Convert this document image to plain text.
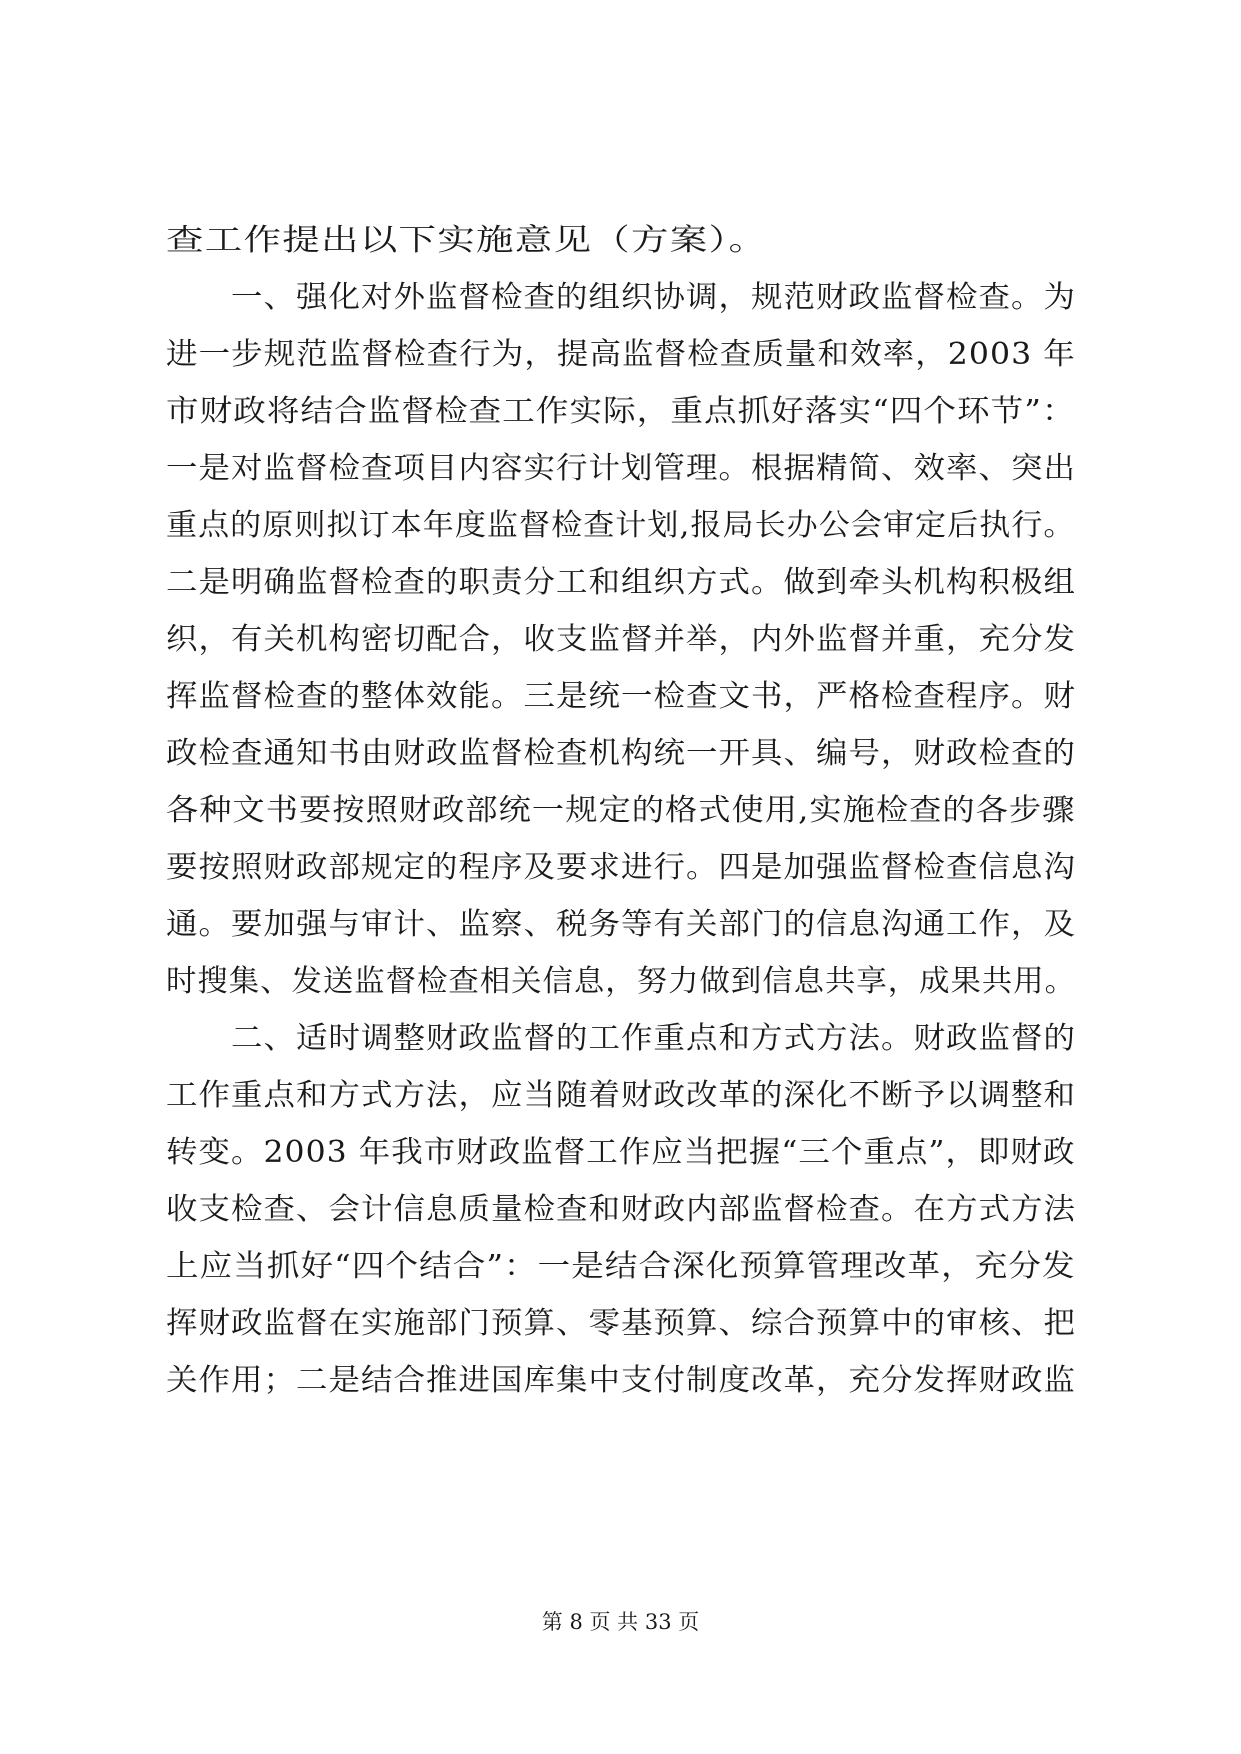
查工作提出以下实施意见（方案）。
　　一、强化对外监督检查的组织协调，规范财政监督检查。为
进一步规范监督检查行为，提高监督检查质量和效率，2003 年
市财政将结合监督检查工作实际，重点抓好落实“四个环节”：
一是对监督检查项目内容实行计划管理。根据精简、效率、突出
重点的原则拟订本年度监督检查计划,报局长办公会审定后执行。
二是明确监督检查的职责分工和组织方式。做到牵头机构积极组
织，有关机构密切配合，收支监督并举，内外监督并重，充分发
挥监督检查的整体效能。三是统一检查文书，严格检查程序。财
政检查通知书由财政监督检查机构统一开具、编号，财政检查的
各种文书要按照财政部统一规定的格式使用,实施检查的各步骤
要按照财政部规定的程序及要求进行。四是加强监督检查信息沟
通。要加强与审计、监察、税务等有关部门的信息沟通工作，及
时搜集、发送监督检查相关信息，努力做到信息共享，成果共用。
　　二、适时调整财政监督的工作重点和方式方法。财政监督的
工作重点和方式方法，应当随着财政改革的深化不断予以调整和
转变。2003 年我市财政监督工作应当把握“三个重点”，即财政
收支检查、会计信息质量检查和财政内部监督检查。在方式方法
上应当抓好“四个结合”：一是结合深化预算管理改革，充分发
挥财政监督在实施部门预算、零基预算、综合预算中的审核、把
关作用；二是结合推进国库集中支付制度改革，充分发挥财政监
第 8 页 共 33 页
